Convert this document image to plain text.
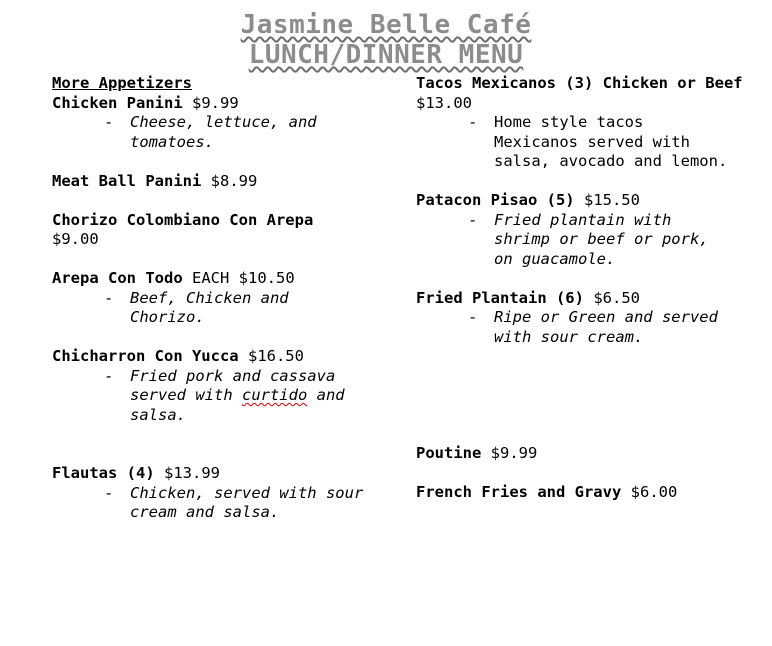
Jasmine Belle Café
LUNCH/DINNER MENU
More Appetizers
Chicken Panini $9.99
-	Cheese, lettuce, and tomatoes.
Meat Ball Panini $8.99
Chorizo Colombiano Con Arepa
$9.00
Arepa Con Todo EACH $10.50
-	Beef, Chicken and Chorizo.
Chicharron Con Yucca $16.50
-	Fried pork and cassava served with curtido and salsa.
Flautas (4) $13.99
-	Chicken, served with sour cream and salsa.
Tacos Mexicanos (3) Chicken or Beef $13.00
-	Home style tacos Mexicanos served with salsa, avocado and lemon.
Patacon Pisao (5) $15.50
-	Fried plantain with shrimp or beef or pork, on guacamole.
Fried Plantain (6) $6.50
-	Ripe or Green and served with sour cream.
Poutine $9.99
French Fries and Gravy $6.00
